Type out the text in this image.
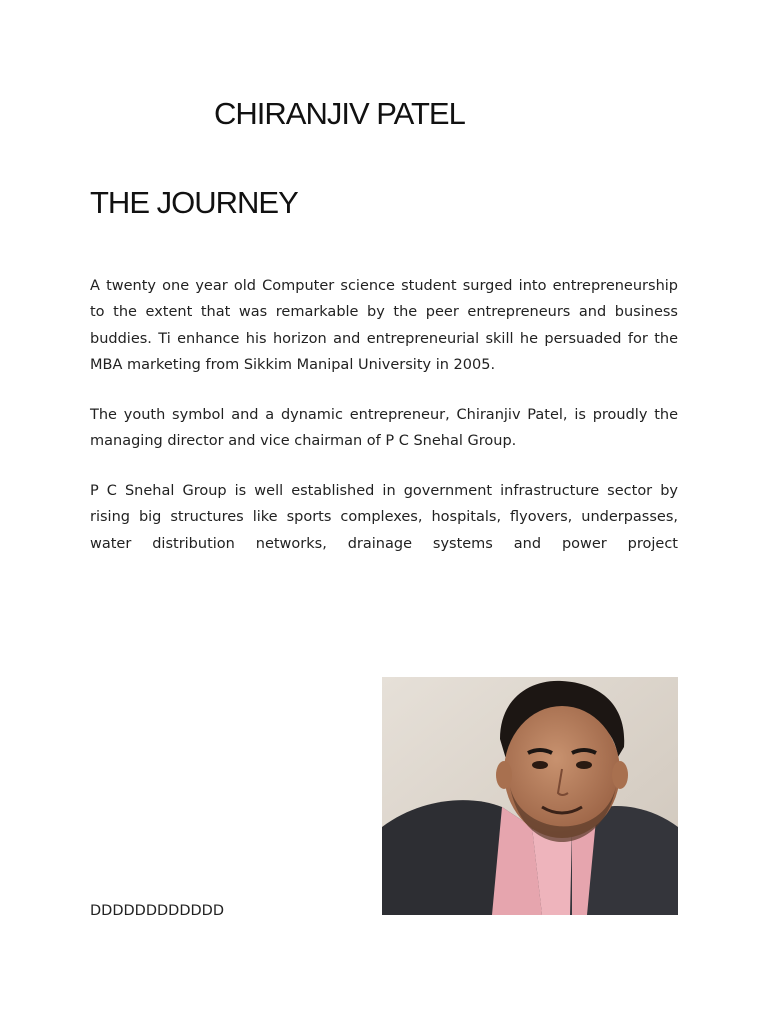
CHIRANJIV PATEL
THE JOURNEY

A twenty one year old Computer science student surged into entrepreneurship to the extent that was remarkable by the peer entrepreneurs and business buddies. Ti enhance his horizon and entrepreneurial skill he persuaded for the MBA marketing from Sikkim Manipal University in 2005.

The youth symbol and a dynamic entrepreneur, Chiranjiv Patel, is proudly the managing director and vice chairman of P C Snehal Group.

P C Snehal Group is well established in government infrastructure sector by rising big structures like sports complexes, hospitals, flyovers, underpasses, water distribution networks, drainage systems and power project

DDDDDDDDDDDD
